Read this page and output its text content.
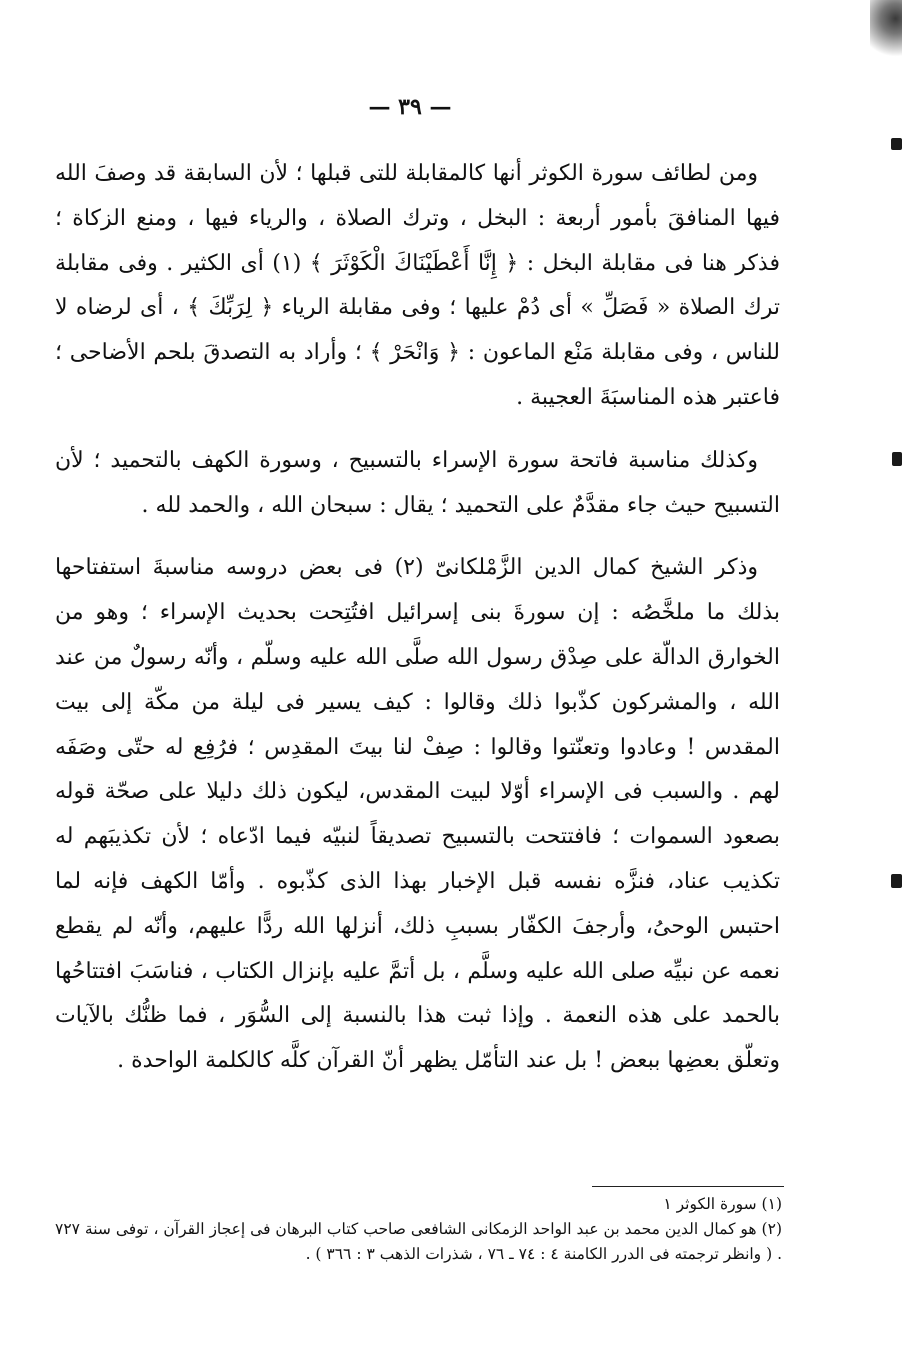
— ٣٩ —

ومن لطائف سورة الكوثر أنها كالمقابلة للتى قبلها ؛ لأن السابقة قد وصفَ الله فيها المنافقَ بأمور أربعة : البخل ، وترك الصلاة ، والرياء فيها ، ومنع الزكاة ؛ فذكر هنا فى مقابلة البخل : ﴿ إِنَّا أَعْطَيْنَاكَ الْكَوْثَرَ ﴾ (١) أى الكثير . وفى مقابلة ترك الصلاة « فَصَلِّ » أى دُمْ عليها ؛ وفى مقابلة الرياء ﴿ لِرَبِّكَ ﴾ ، أى لرضاه لا للناس ، وفى مقابلة مَنْع الماعون : ﴿ وَانْحَرْ ﴾ ؛ وأراد به التصدقَ بلحم الأضاحى ؛ فاعتبر هذه المناسبَةَ العجيبة .

وكذلك مناسبة فاتحة سورة الإسراء بالتسبيح ، وسورة الكهف بالتحميد ؛ لأن التسبيح حيث جاء مقدَّمٌ على التحميد ؛ يقال : سبحان الله ، والحمد لله .

وذكر الشيخ كمال الدين الزَّمْلكانىّ (٢) فى بعض دروسه مناسبةَ استفتاحها بذلك ما ملخَّصُه : إن سورةَ بنى إسرائيل افتُتِحت بحديث الإسراء ؛ وهو من الخوارق الدالّة على صِدْق رسول الله صلَّى الله عليه وسلّم ، وأنّه رسولٌ من عند الله ، والمشركون كذّبوا ذلك وقالوا : كيف يسير فى ليلة من مكّة إلى بيت المقدس ! وعادوا وتعنّتوا وقالوا : صِفْ لنا بيتَ المقدِس ؛ فرُفِع له حتّى وصَفَه لهم . والسبب فى الإسراء أوّلا لبيت المقدس، ليكون ذلك دليلا على صحّة قوله بصعود السموات ؛ فافتتحت بالتسبيح تصديقاً لنبيّه فيما ادّعاه ؛ لأن تكذيبَهم له تكذيب عناد، فنزَّه نفسه قبل الإخبار بهذا الذى كذّبوه . وأمّا الكهف فإنه لما احتبس الوحىُ، وأرجفَ الكفّار بسببِ ذلك، أنزلها الله ردًّا عليهم، وأنّه لم يقطع نعمه عن نبيِّه صلى الله عليه وسلَّم ، بل أتمَّ عليه بإنزال الكتاب ، فناسَبَ افتتاحُها بالحمد على هذه النعمة . وإذا ثبت هذا بالنسبة إلى السُّوَر ، فما ظنُّك بالآيات وتعلّق بعضِها ببعض ! بل عند التأمّل يظهر أنّ القرآن كلَّه كالكلمة الواحدة .

(١) سورة الكوثر ١

(٢) هو كمال الدين محمد بن عبد الواحد الزمكانى الشافعى صاحب كتاب البرهان فى إعجاز القرآن ، توفى سنة ٧٢٧ . ( وانظر ترجمته فى الدرر الكامنة ٤ : ٧٤ ـ ٧٦ ، شذرات الذهب ٣ : ٣٦٦ ) .
